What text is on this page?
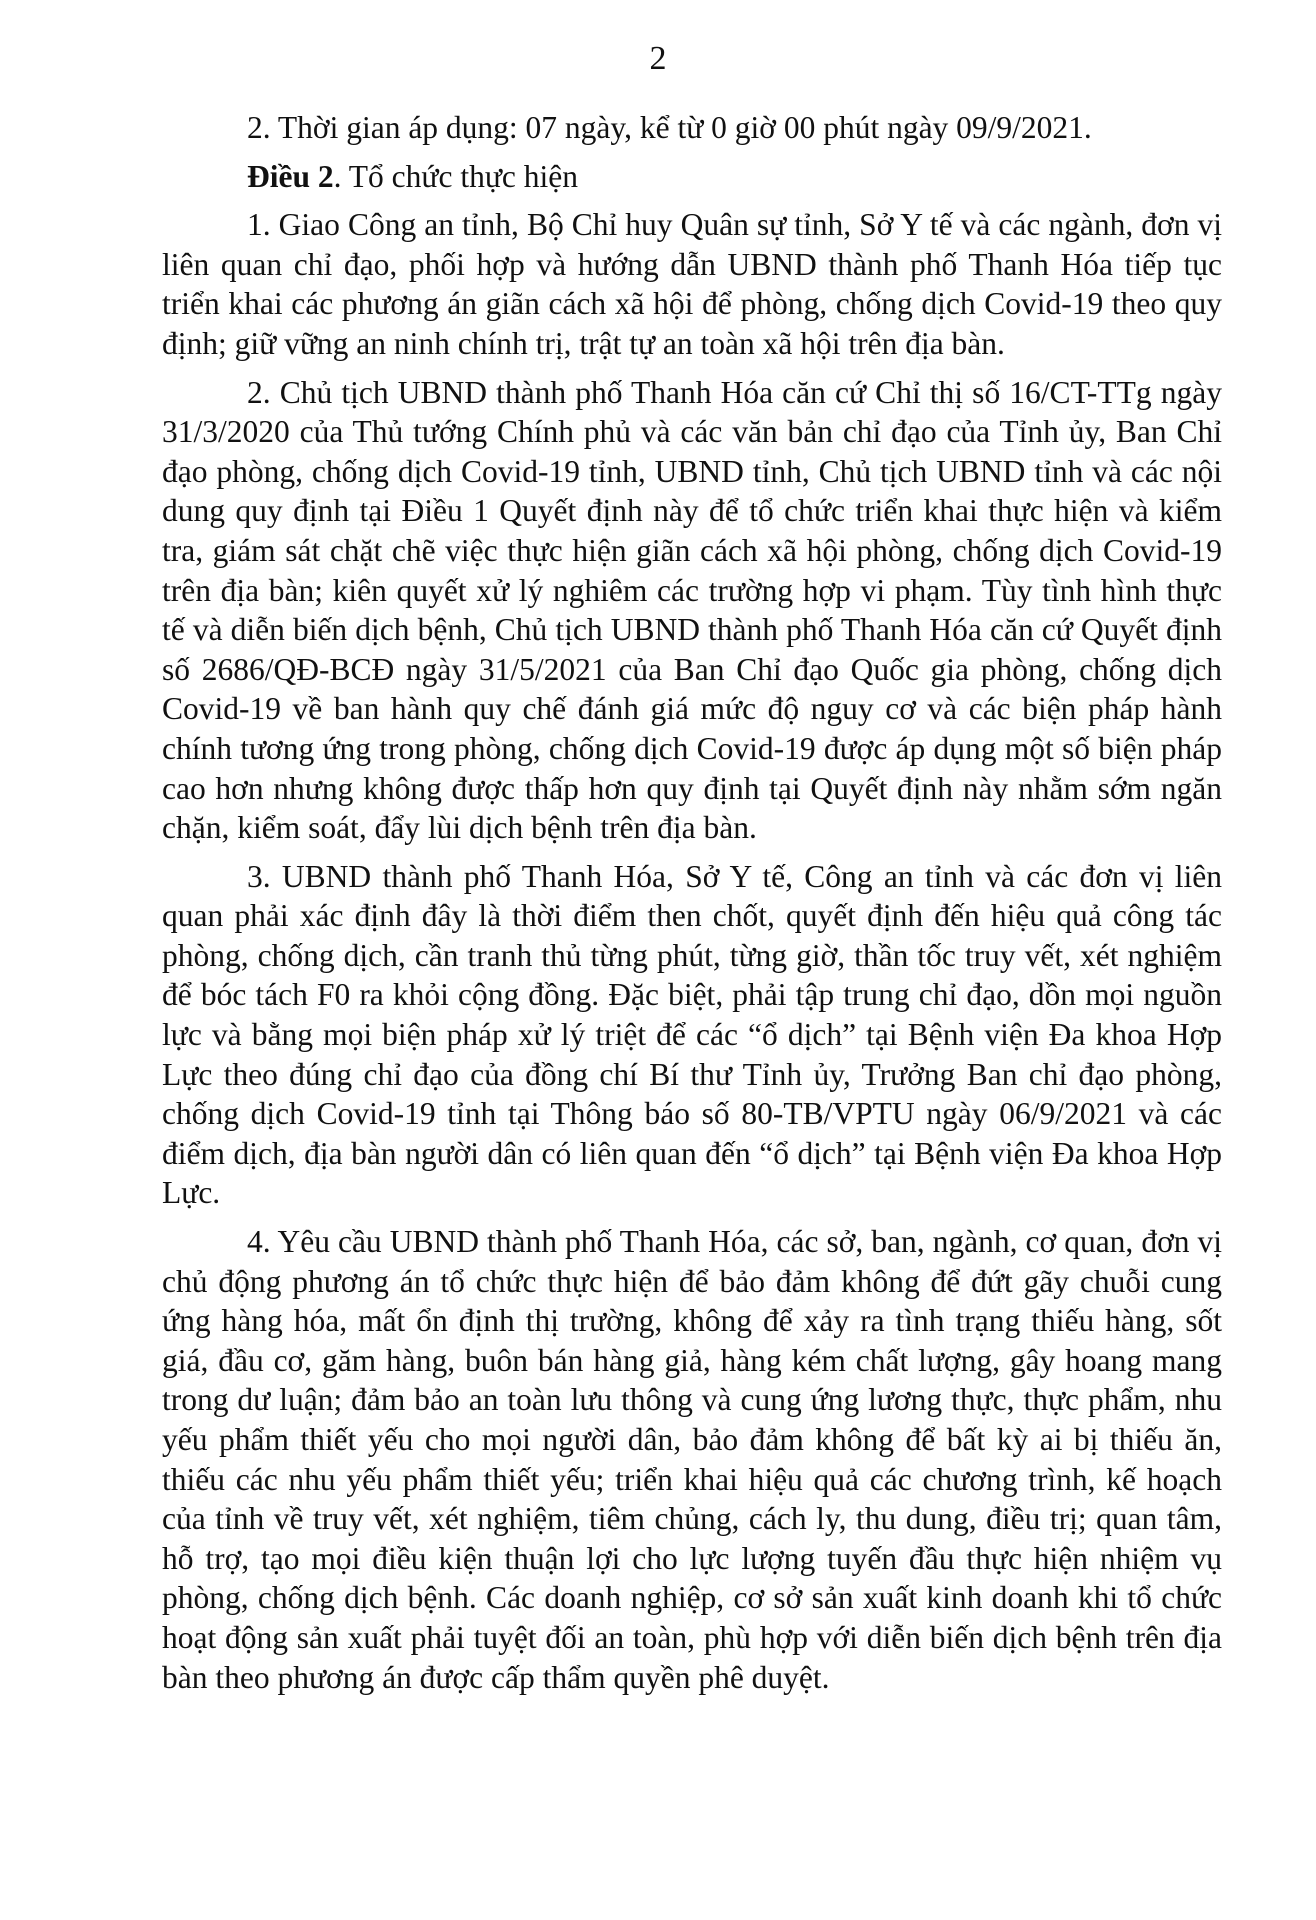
2

2. Thời gian áp dụng: 07 ngày, kể từ 0 giờ 00 phút ngày 09/9/2021.

Điều 2. Tổ chức thực hiện

1. Giao Công an tỉnh, Bộ Chỉ huy Quân sự tỉnh, Sở Y tế và các ngành, đơn vị liên quan chỉ đạo, phối hợp và hướng dẫn UBND thành phố Thanh Hóa tiếp tục triển khai các phương án giãn cách xã hội để phòng, chống dịch Covid-19 theo quy định; giữ vững an ninh chính trị, trật tự an toàn xã hội trên địa bàn.

2. Chủ tịch UBND thành phố Thanh Hóa căn cứ Chỉ thị số 16/CT-TTg ngày 31/3/2020 của Thủ tướng Chính phủ và các văn bản chỉ đạo của Tỉnh ủy, Ban Chỉ đạo phòng, chống dịch Covid-19 tỉnh, UBND tỉnh, Chủ tịch UBND tỉnh và các nội dung quy định tại Điều 1 Quyết định này để tổ chức triển khai thực hiện và kiểm tra, giám sát chặt chẽ việc thực hiện giãn cách xã hội phòng, chống dịch Covid-19 trên địa bàn; kiên quyết xử lý nghiêm các trường hợp vi phạm. Tùy tình hình thực tế và diễn biến dịch bệnh, Chủ tịch UBND thành phố Thanh Hóa căn cứ Quyết định số 2686/QĐ-BCĐ ngày 31/5/2021 của Ban Chỉ đạo Quốc gia phòng, chống dịch Covid-19 về ban hành quy chế đánh giá mức độ nguy cơ và các biện pháp hành chính tương ứng trong phòng, chống dịch Covid-19 được áp dụng một số biện pháp cao hơn nhưng không được thấp hơn quy định tại Quyết định này nhằm sớm ngăn chặn, kiểm soát, đẩy lùi dịch bệnh trên địa bàn.

3. UBND thành phố Thanh Hóa, Sở Y tế, Công an tỉnh và các đơn vị liên quan phải xác định đây là thời điểm then chốt, quyết định đến hiệu quả công tác phòng, chống dịch, cần tranh thủ từng phút, từng giờ, thần tốc truy vết, xét nghiệm để bóc tách F0 ra khỏi cộng đồng. Đặc biệt, phải tập trung chỉ đạo, dồn mọi nguồn lực và bằng mọi biện pháp xử lý triệt để các “ổ dịch” tại Bệnh viện Đa khoa Hợp Lực theo đúng chỉ đạo của đồng chí Bí thư Tỉnh ủy, Trưởng Ban chỉ đạo phòng, chống dịch Covid-19 tỉnh tại Thông báo số 80-TB/VPTU ngày 06/9/2021 và các điểm dịch, địa bàn người dân có liên quan đến “ổ dịch” tại Bệnh viện Đa khoa Hợp Lực.

4. Yêu cầu UBND thành phố Thanh Hóa, các sở, ban, ngành, cơ quan, đơn vị chủ động phương án tổ chức thực hiện để bảo đảm không để đứt gãy chuỗi cung ứng hàng hóa, mất ổn định thị trường, không để xảy ra tình trạng thiếu hàng, sốt giá, đầu cơ, găm hàng, buôn bán hàng giả, hàng kém chất lượng, gây hoang mang trong dư luận; đảm bảo an toàn lưu thông và cung ứng lương thực, thực phẩm, nhu yếu phẩm thiết yếu cho mọi người dân, bảo đảm không để bất kỳ ai bị thiếu ăn, thiếu các nhu yếu phẩm thiết yếu; triển khai hiệu quả các chương trình, kế hoạch của tỉnh về truy vết, xét nghiệm, tiêm chủng, cách ly, thu dung, điều trị; quan tâm, hỗ trợ, tạo mọi điều kiện thuận lợi cho lực lượng tuyến đầu thực hiện nhiệm vụ phòng, chống dịch bệnh. Các doanh nghiệp, cơ sở sản xuất kinh doanh khi tổ chức hoạt động sản xuất phải tuyệt đối an toàn, phù hợp với diễn biến dịch bệnh trên địa bàn theo phương án được cấp thẩm quyền phê duyệt.
